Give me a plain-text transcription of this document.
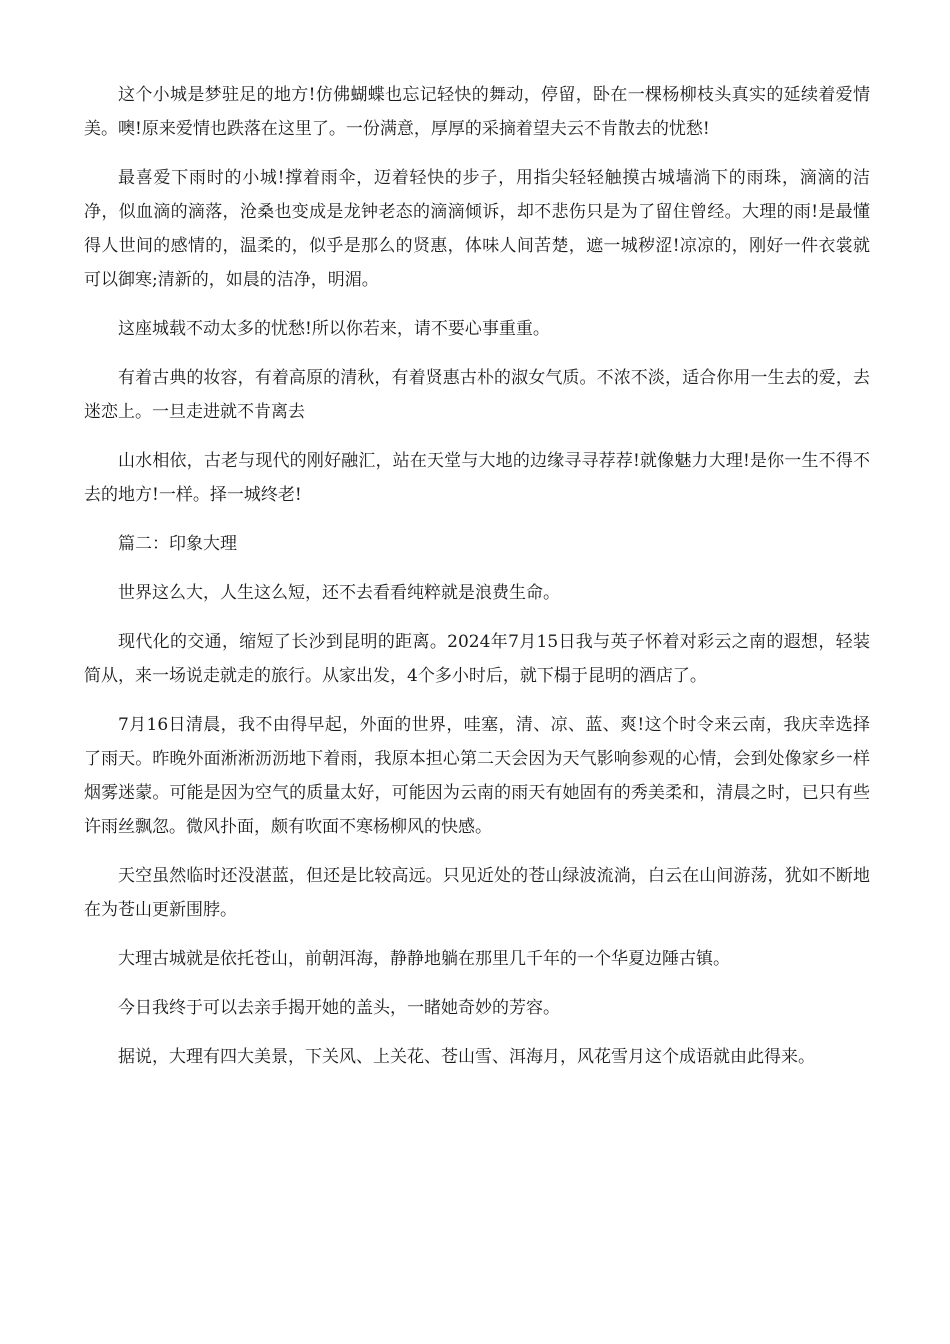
这个小城是梦驻足的地方!仿佛蝴蝶也忘记轻快的舞动，停留，卧在一棵杨柳枝头真实的延续着爱情美。噢!原来爱情也跌落在这里了。一份满意，厚厚的采摘着望夫云不肯散去的忧愁!

最喜爱下雨时的小城!撑着雨伞，迈着轻快的步子，用指尖轻轻触摸古城墙淌下的雨珠，滴滴的洁净，似血滴的滴落，沧桑也变成是龙钟老态的滴滴倾诉，却不悲伤只是为了留住曾经。大理的雨!是最懂得人世间的感情的，温柔的，似乎是那么的贤惠，体味人间苦楚，遮一城秽涩!凉凉的，刚好一件衣裳就可以御寒;清新的，如晨的洁净，明湄。

这座城载不动太多的忧愁!所以你若来，请不要心事重重。

有着古典的妆容，有着高原的清秋，有着贤惠古朴的淑女气质。不浓不淡，适合你用一生去的爱，去迷恋上。一旦走进就不肯离去

山水相依，古老与现代的刚好融汇，站在天堂与大地的边缘寻寻荐荐!就像魅力大理!是你一生不得不去的地方!一样。择一城终老!

篇二：印象大理

世界这么大，人生这么短，还不去看看纯粹就是浪费生命。

现代化的交通，缩短了长沙到昆明的距离。2024年7月15日我与英子怀着对彩云之南的遐想，轻装简从，来一场说走就走的旅行。从家出发，4个多小时后，就下榻于昆明的酒店了。

7月16日清晨，我不由得早起，外面的世界，哇塞，清、凉、蓝、爽!这个时令来云南，我庆幸选择了雨天。昨晚外面淅淅沥沥地下着雨，我原本担心第二天会因为天气影响参观的心情，会到处像家乡一样烟雾迷蒙。可能是因为空气的质量太好，可能因为云南的雨天有她固有的秀美柔和，清晨之时，已只有些许雨丝飘忽。微风扑面，颇有吹面不寒杨柳风的快感。

天空虽然临时还没湛蓝，但还是比较高远。只见近处的苍山绿波流淌，白云在山间游荡，犹如不断地在为苍山更新围脖。

大理古城就是依托苍山，前朝洱海，静静地躺在那里几千年的一个华夏边陲古镇。

今日我终于可以去亲手揭开她的盖头，一睹她奇妙的芳容。

据说，大理有四大美景，下关风、上关花、苍山雪、洱海月，风花雪月这个成语就由此得来。
